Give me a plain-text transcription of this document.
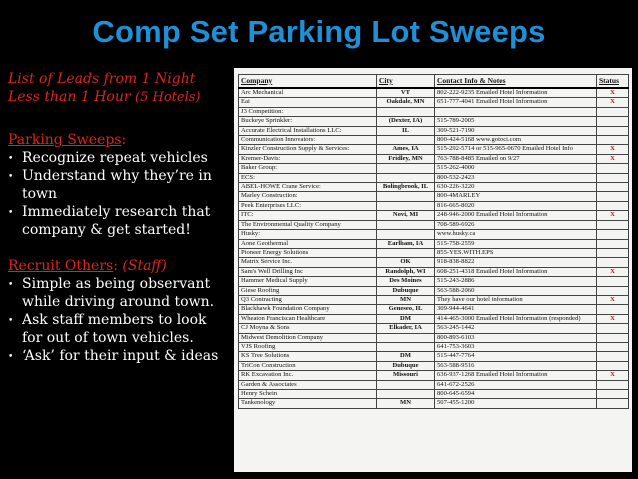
Comp Set Parking Lot Sweeps
List of Leads from 1 Night
Less than 1 Hour (5 Hotels)
Parking Sweeps:
• Recognize repeat vehicles
• Understand why they’re in town
• Immediately research that company & get started!
Recruit Others: (Staff)
• Simple as being observant while driving around town.
• Ask staff members to look for out of town vehicles.
• ‘Ask’ for their input & ideas
Company	City	Contact Info & Notes	Status
Arc Mechanical	VT	802-222-9235 Emailed Hotel Information	X
Eai	Oakdale, MN	651-777-4041 Emailed Hotel Information	X
J3 Competition:			
Buckeye Sprinkler:	(Dexter, IA)	515-789-2005	
Accurate Electrical Installations LLC:	IL	309-521-7190	
Communication Innovators:		800-424-5168 www.gotoci.com	
Kinzler Construction Supply & Services:	Ames, IA	515-292-5714 or 515-965-0670 Emailed Hotel Info	X
Kremer-Davis:	Fridley, MN	763-788-8485 Emailed on 9/27	X
Baker Group:		515-262-4000	
ECS:		800-532-2423	
ABEL-HOWE Crane Service:	Bolingbrook, IL	630-226-3220	
Marley Construction:		800-4MARLEY	
Peek Enterprises LLC:		816-665-8020	
ITC:	Novi, MI	248-946-2000 Emailed Hotel Information	X
The Environmental Quality Company		708-589-6926	
Husky:		www.husky.ca	
Aone Geothermal	Earlham, IA	515-758-2559	
Pioneer Energy Solutions		855-YES.WITH.EPS	
Matrix Service Inc.	OK	918-838-8822	
Sam's Well Drilling Inc	Randolph, WI	608-251-4318 Emailed Hotel Information	X
Hammer Medical Supply	Des Moines	515-243-2886	
Giese Roofing	Dubuque	563-588-2060	
Q3 Contracting	MN	They have our hotel information	X
Blackhawk Foundation Company	Geneseo, IL	309-944-4641	
Wheaton Franciscan Healthcare	DM	414-465-3000 Emailed Hotel Information (responded)	X
CJ Moyna & Sons	Elkader, IA	563-245-1442	
Midwest Demolition Company		800-893-6103	
VJS Roofing		641-753-3603	
KS Tree Solutions	DM	515-447-7764	
TriCon Construction	Dubuque	563-588-9516	
RK Excavation Inc.	Missouri	636-937-1268 Emailed Hotel Information	X
Garden & Associates		641-672-2526	
Henry Schein		800-645-6594	
Tankenology	MN	507-455-1200	
